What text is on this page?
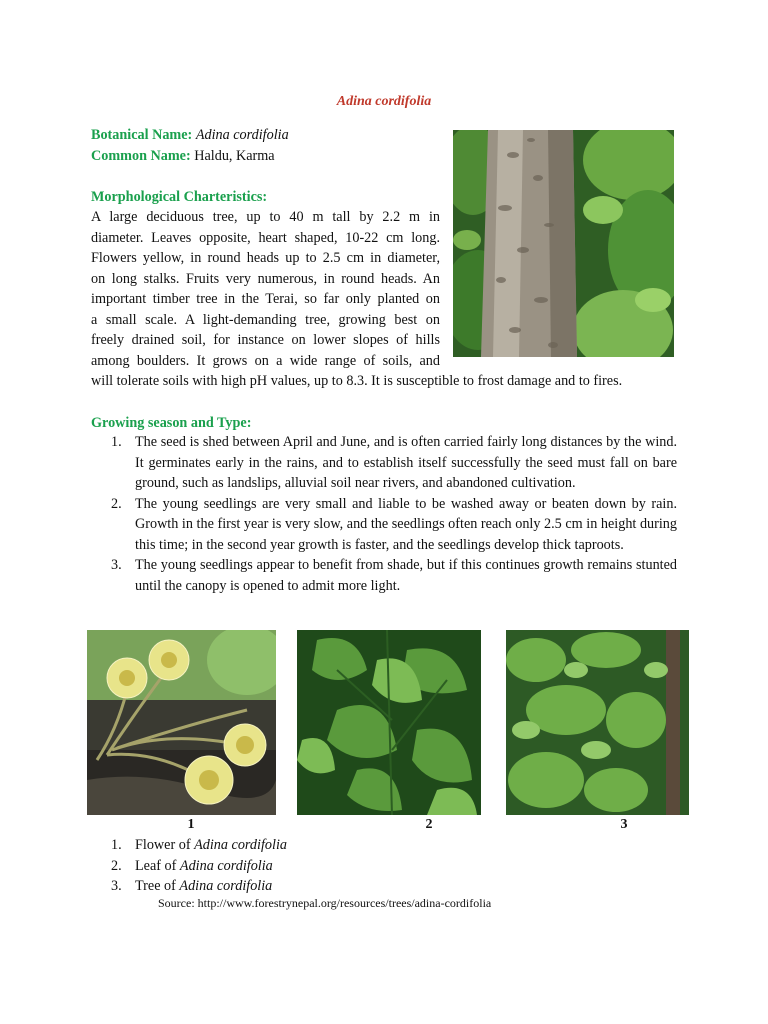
Adina cordifolia
Botanical Name: Adina cordifolia
Common Name: Haldu, Karma
Morphological Charteristics:
A large deciduous tree, up to 40 m tall by 2.2 m in
diameter. Leaves opposite, heart shaped, 10-22 cm long.
Flowers yellow, in round heads up to 2.5 cm in diameter,
on long stalks. Fruits very numerous, in round heads. An
important timber tree in the Terai, so far only planted on
a small scale. A light-demanding tree, growing best on
freely drained soil, for instance on lower slopes of hills
among boulders. It grows on a wide range of soils, and
will tolerate soils with high pH values, up to 8.3. It is susceptible to frost damage and to fires.
Growing season and Type:
1. The seed is shed between April and June, and is often carried fairly long distances by the wind. It germinates early in the rains, and to establish itself successfully the seed must fall on bare ground, such as landslips, alluvial soil near rivers, and abandoned cultivation.
2. The young seedlings are very small and liable to be washed away or beaten down by rain. Growth in the first year is very slow, and the seedlings often reach only 2.5 cm in height during this time; in the second year growth is faster, and the seedlings develop thick taproots.
3. The young seedlings appear to benefit from shade, but if this continues growth remains stunted until the canopy is opened to admit more light.
1	2	3
1. Flower of Adina cordifolia
2. Leaf of Adina cordifolia
3. Tree of Adina cordifolia
Source: http://www.forestrynepal.org/resources/trees/adina-cordifolia
